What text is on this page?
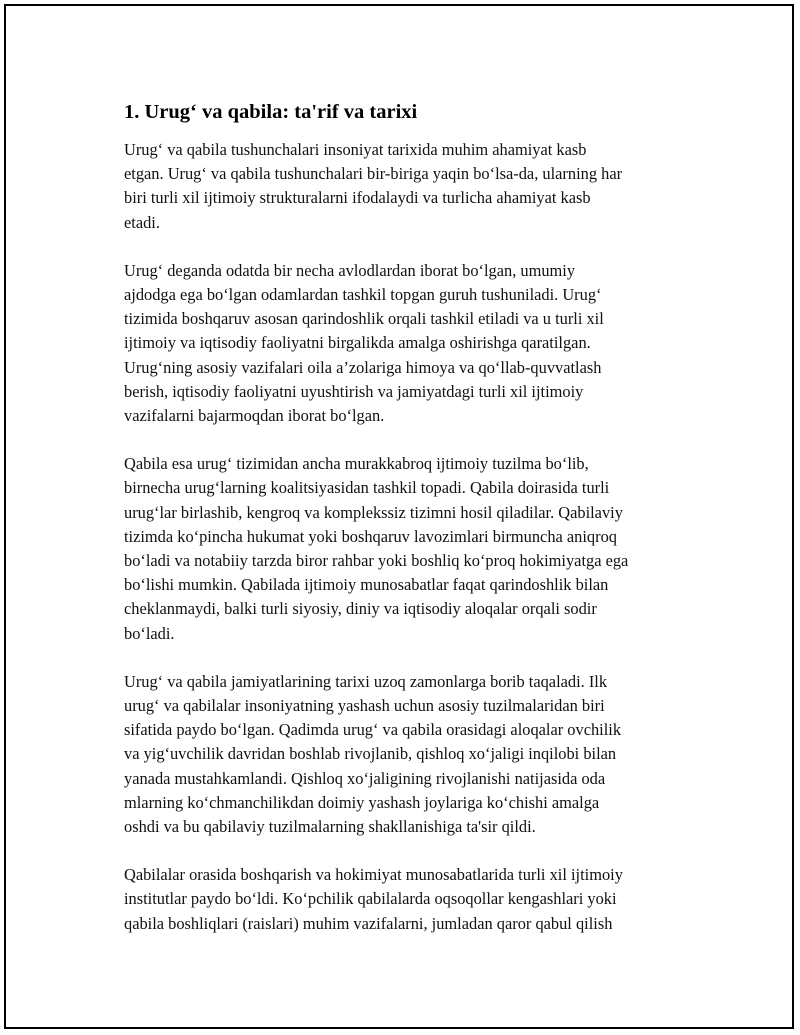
1. Urug‘ va qabila: ta'rif va tarixi

Urug‘ va qabila tushunchalari insoniyat tarixida muhim ahamiyat kasb
etgan. Urug‘ va qabila tushunchalari bir-biriga yaqin bo‘lsa-da, ularning har
biri turli xil ijtimoiy strukturalarni ifodalaydi va turlicha ahamiyat kasb
etadi.

Urug‘ deganda odatda bir necha avlodlardan iborat bo‘lgan, umumiy
ajdodga ega bo‘lgan odamlardan tashkil topgan guruh tushuniladi. Urug‘
tizimida boshqaruv asosan qarindoshlik orqali tashkil etiladi va u turli xil
ijtimoiy va iqtisodiy faoliyatni birgalikda amalga oshirishga qaratilgan.
Urug‘ning asosiy vazifalari oila a’zolariga himoya va qo‘llab-quvvatlash
berish, iqtisodiy faoliyatni uyushtirish va jamiyatdagi turli xil ijtimoiy
vazifalarni bajarmoqdan iborat bo‘lgan.

Qabila esa urug‘ tizimidan ancha murakkabroq ijtimoiy tuzilma bo‘lib,
birnecha urug‘larning koalitsiyasidan tashkil topadi. Qabila doirasida turli
urug‘lar birlashib, kengroq va komplekssiz tizimni hosil qiladilar. Qabilaviy
tizimda ko‘pincha hukumat yoki boshqaruv lavozimlari birmuncha aniqroq
bo‘ladi va notabiiy tarzda biror rahbar yoki boshliq ko‘proq hokimiyatga ega
bo‘lishi mumkin. Qabilada ijtimoiy munosabatlar faqat qarindoshlik bilan
cheklanmaydi, balki turli siyosiy, diniy va iqtisodiy aloqalar orqali sodir
bo‘ladi.

Urug‘ va qabila jamiyatlarining tarixi uzoq zamonlarga borib taqaladi. Ilk
urug‘ va qabilalar insoniyatning yashash uchun asosiy tuzilmalaridan biri
sifatida paydo bo‘lgan. Qadimda urug‘ va qabila orasidagi aloqalar ovchilik
va yig‘uvchilik davridan boshlab rivojlanib, qishloq xo‘jaligi inqilobi bilan
yanada mustahkamlandi. Qishloq xo‘jaligining rivojlanishi natijasida oda
mlarning ko‘chmanchilikdan doimiy yashash joylariga ko‘chishi amalga
oshdi va bu qabilaviy tuzilmalarning shakllanishiga ta'sir qildi.

Qabilalar orasida boshqarish va hokimiyat munosabatlarida turli xil ijtimoiy
institutlar paydo bo‘ldi. Ko‘pchilik qabilalarda oqsoqollar kengashlari yoki
qabila boshliqlari (raislari) muhim vazifalarni, jumladan qaror qabul qilish
